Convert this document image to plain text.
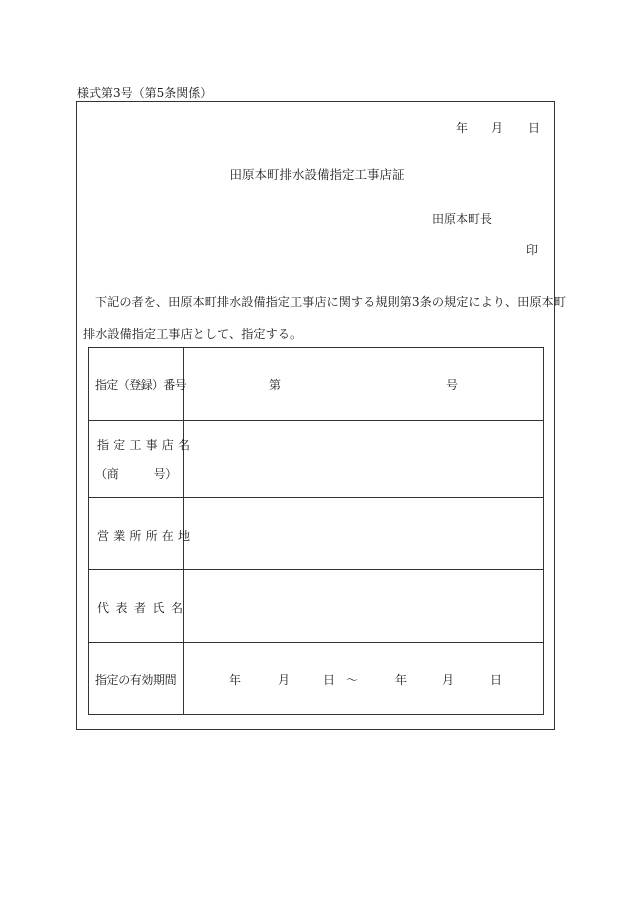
様式第3号（第5条関係）
年 月 日
田原本町排水設備指定工事店証
田原本町長
印
下記の者を、田原本町排水設備指定工事店に関する規則第3条の規定により、田原本町
排水設備指定工事店として、指定する。
指定（登録）番号	第	号
指定工事店名
（商　　　号）
営業所所在地
代表者氏名
指定の有効期間	年	月	日 ～	年	月	日
